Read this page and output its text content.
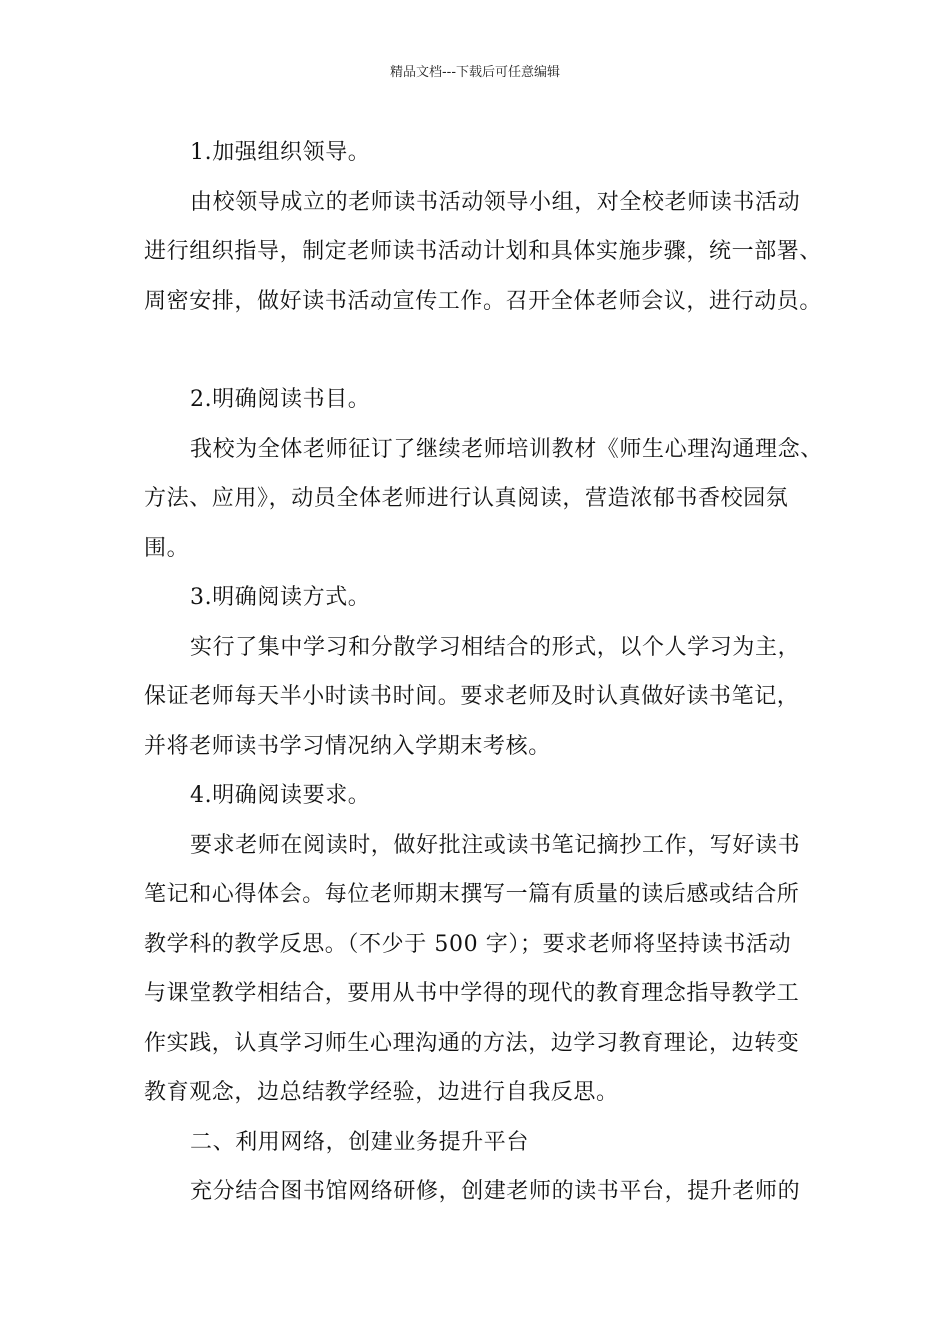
精品文档---下载后可任意编辑

1.加强组织领导。

由校领导成立的老师读书活动领导小组，对全校老师读书活动

进行组织指导，制定老师读书活动计划和具体实施步骤，统一部署、

周密安排，做好读书活动宣传工作。召开全体老师会议，进行动员。

2.明确阅读书目。

我校为全体老师征订了继续老师培训教材《师生心理沟通理念、

方法、应用》，动员全体老师进行认真阅读，营造浓郁书香校园氛

围。

3.明确阅读方式。

实行了集中学习和分散学习相结合的形式，以个人学习为主，

保证老师每天半小时读书时间。要求老师及时认真做好读书笔记，

并将老师读书学习情况纳入学期末考核。

4.明确阅读要求。

要求老师在阅读时，做好批注或读书笔记摘抄工作，写好读书

笔记和心得体会。每位老师期末撰写一篇有质量的读后感或结合所

教学科的教学反思。（不少于 500 字）；要求老师将坚持读书活动

与课堂教学相结合，要用从书中学得的现代的教育理念指导教学工

作实践，认真学习师生心理沟通的方法，边学习教育理论，边转变

教育观念，边总结教学经验，边进行自我反思。

二、利用网络，创建业务提升平台

充分结合图书馆网络研修，创建老师的读书平台，提升老师的
